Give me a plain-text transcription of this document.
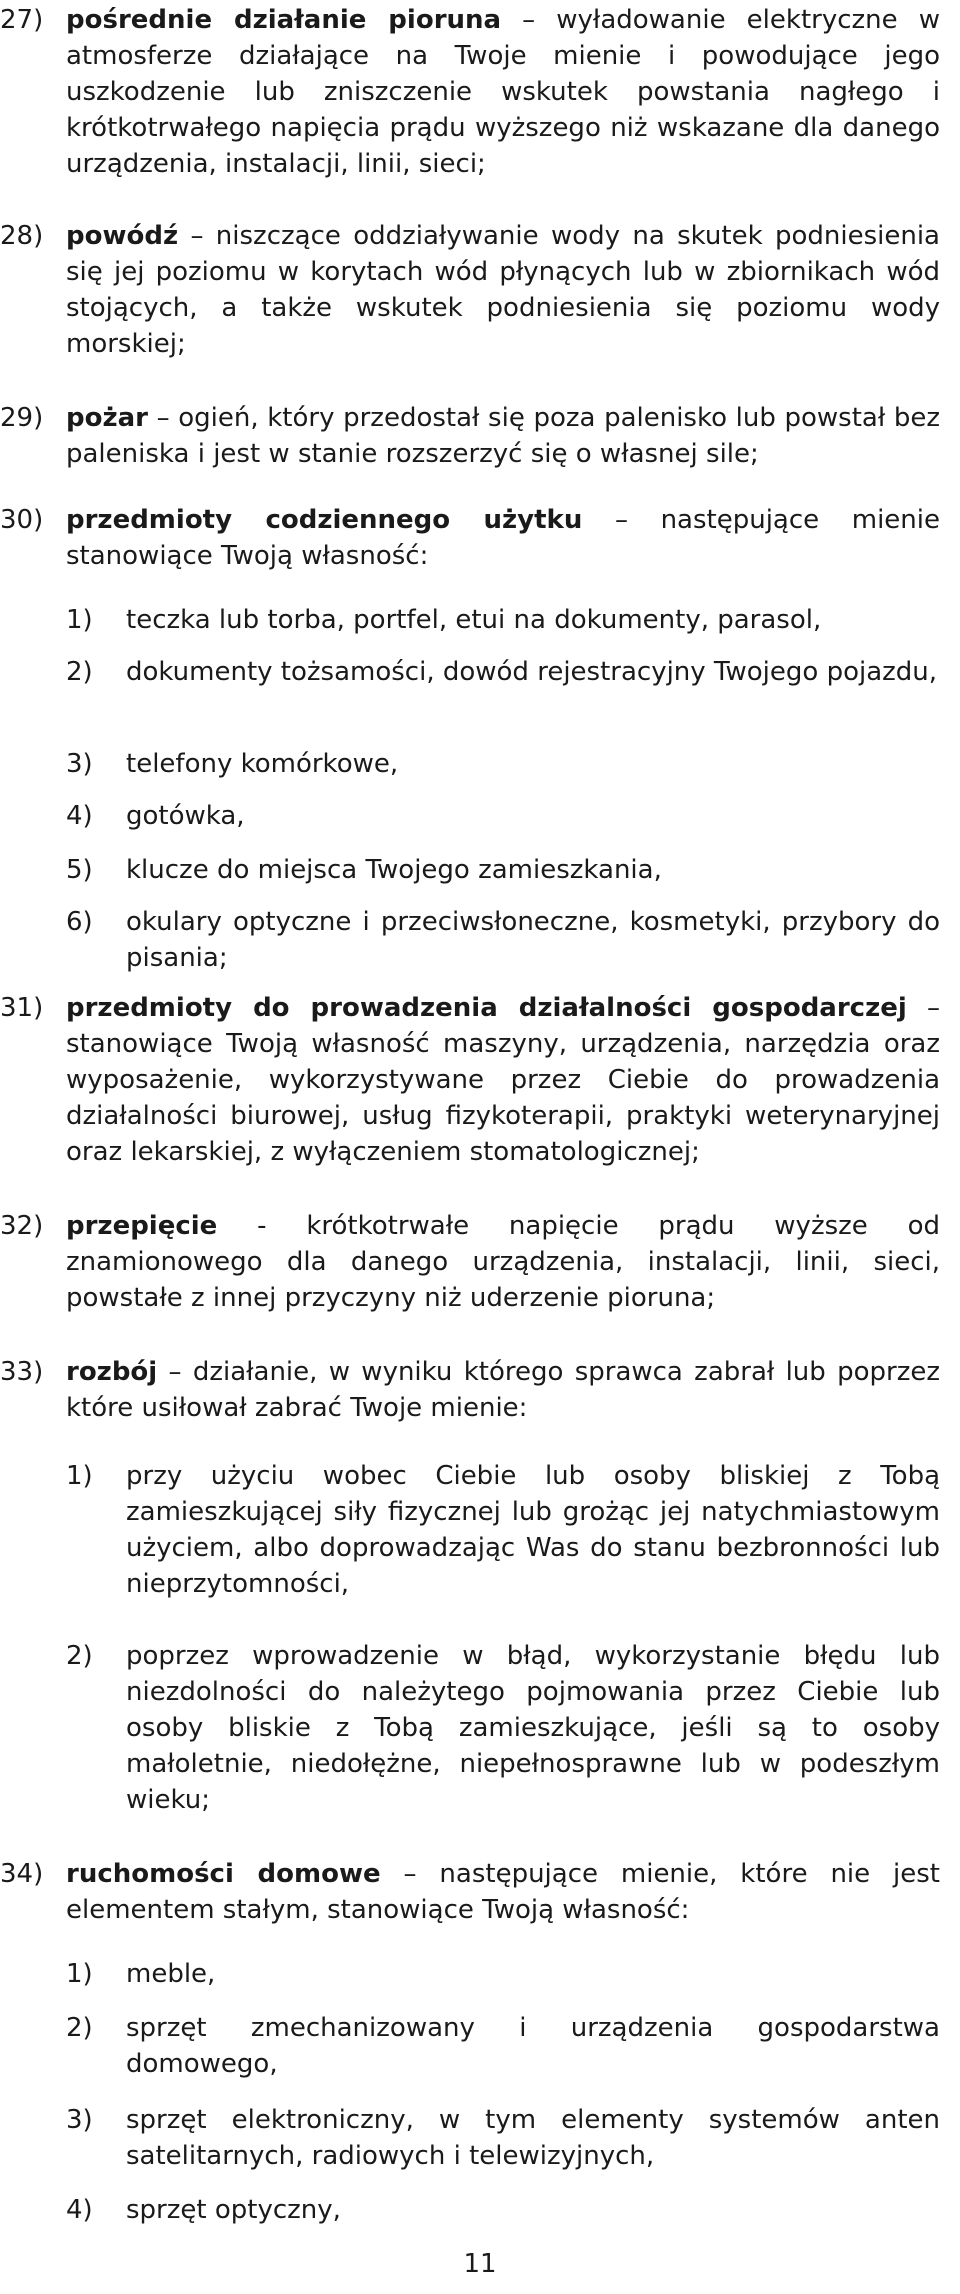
27) pośrednie działanie pioruna – wyładowanie elektryczne w atmosferze działające na Twoje mienie i powodujące jego uszkodzenie lub zniszczenie wskutek powstania nagłego i krótkotrwałego napięcia prądu wyższego niż wskazane dla danego urządzenia, instalacji, linii, sieci;
28) powódź – niszczące oddziaływanie wody na skutek podniesienia się jej poziomu w korytach wód płynących lub w zbiornikach wód stojących, a także wskutek podniesienia się poziomu wody morskiej;
29) pożar – ogień, który przedostał się poza palenisko lub powstał bez paleniska i jest w stanie rozszerzyć się o własnej sile;
30) przedmioty codziennego użytku – następujące mienie stanowiące Twoją własność:
1)	teczka lub torba, portfel, etui na dokumenty, parasol,
2)	dokumenty tożsamości, dowód rejestracyjny Twojego pojazdu,
3)	telefony komórkowe,
4)	gotówka,
5)	klucze do miejsca Twojego zamieszkania,
6)	okulary optyczne i przeciwsłoneczne, kosmetyki, przybory do pisania;
31) przedmioty do prowadzenia działalności gospodarczej – stanowiące Twoją własność maszyny, urządzenia, narzędzia oraz wyposażenie, wykorzystywane przez Ciebie do prowadzenia działalności biurowej, usług fizykoterapii, praktyki weterynaryjnej oraz lekarskiej, z wyłączeniem stomatologicznej;
32) przepięcie - krótkotrwałe napięcie prądu wyższe od znamionowego dla danego urządzenia, instalacji, linii, sieci, powstałe z innej przyczyny niż uderzenie pioruna;
33) rozbój – działanie, w wyniku którego sprawca zabrał lub poprzez które usiłował zabrać Twoje mienie:
1)	przy użyciu wobec Ciebie lub osoby bliskiej z Tobą zamieszkującej siły fizycznej lub grożąc jej natychmiastowym użyciem, albo doprowadzając Was do stanu bezbronności lub nieprzytomności,
2)	poprzez wprowadzenie w błąd, wykorzystanie błędu lub niezdolności do należytego pojmowania przez Ciebie lub osoby bliskie z Tobą zamieszkujące, jeśli są to osoby małoletnie, niedołężne, niepełnosprawne lub w podeszłym wieku;
34) ruchomości domowe – następujące mienie, które nie jest elementem stałym, stanowiące Twoją własność:
1)	meble,
2)	sprzęt zmechanizowany i urządzenia gospodarstwa domowego,
3)	sprzęt elektroniczny, w tym elementy systemów anten satelitarnych, radiowych i telewizyjnych,
4)	sprzęt optyczny,
11
